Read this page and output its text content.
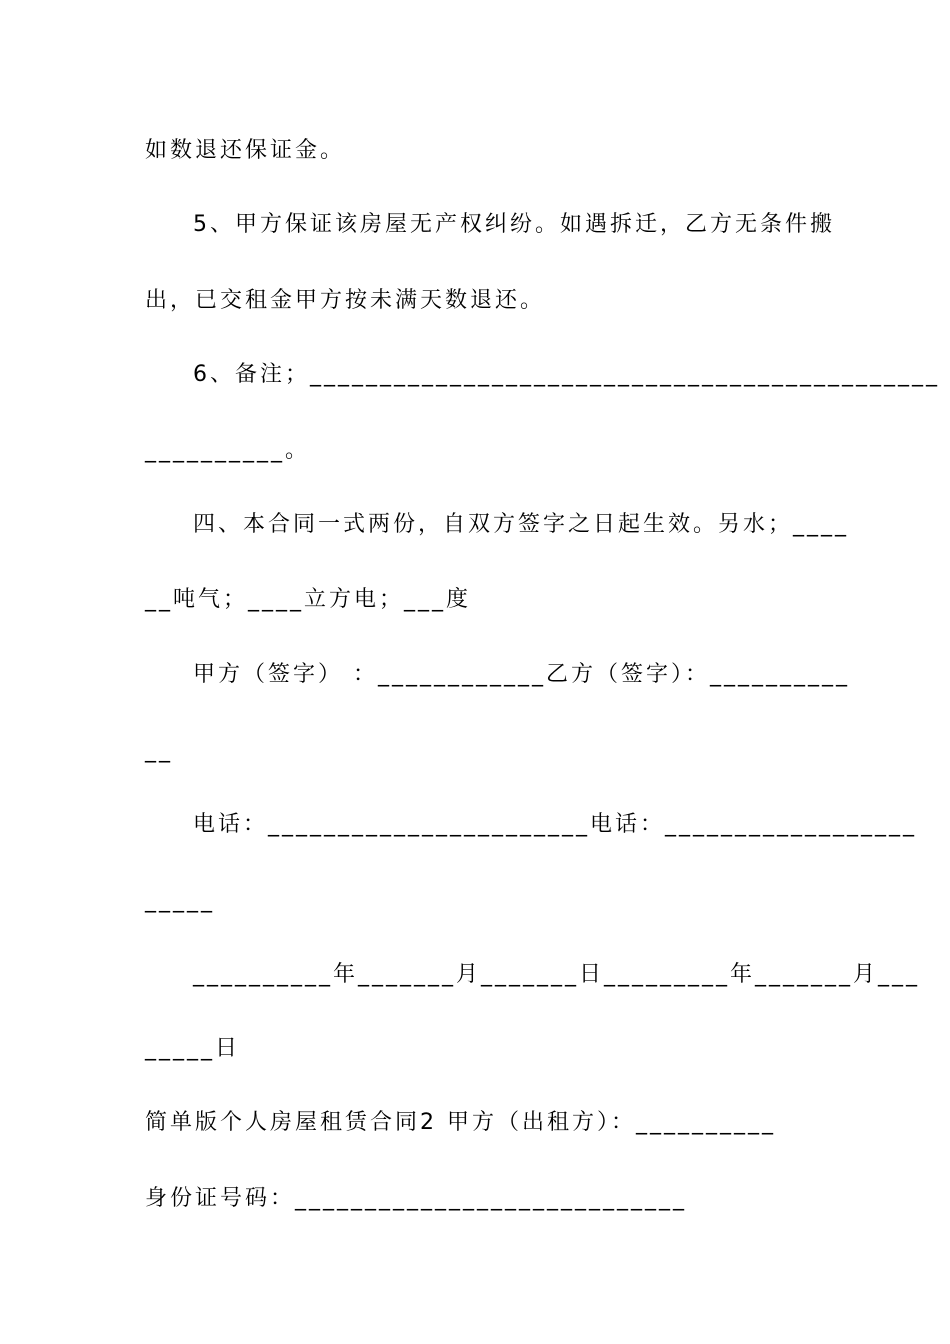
如数退还保证金。
5、甲方保证该房屋无产权纠纷。如遇拆迁，乙方无条件搬
出，已交租金甲方按未满天数退还。
6、备注；_____________________________________________
__________。
四、本合同一式两份，自双方签字之日起生效。另水；____
__吨气；____立方电；___度
甲方（签字） ：____________乙方（签字）：__________
__
电话：_______________________电话：__________________
_____
__________年_______月_______日_________年_______月___
_____日
简单版个人房屋租赁合同2 甲方（出租方）：__________
身份证号码：____________________________
